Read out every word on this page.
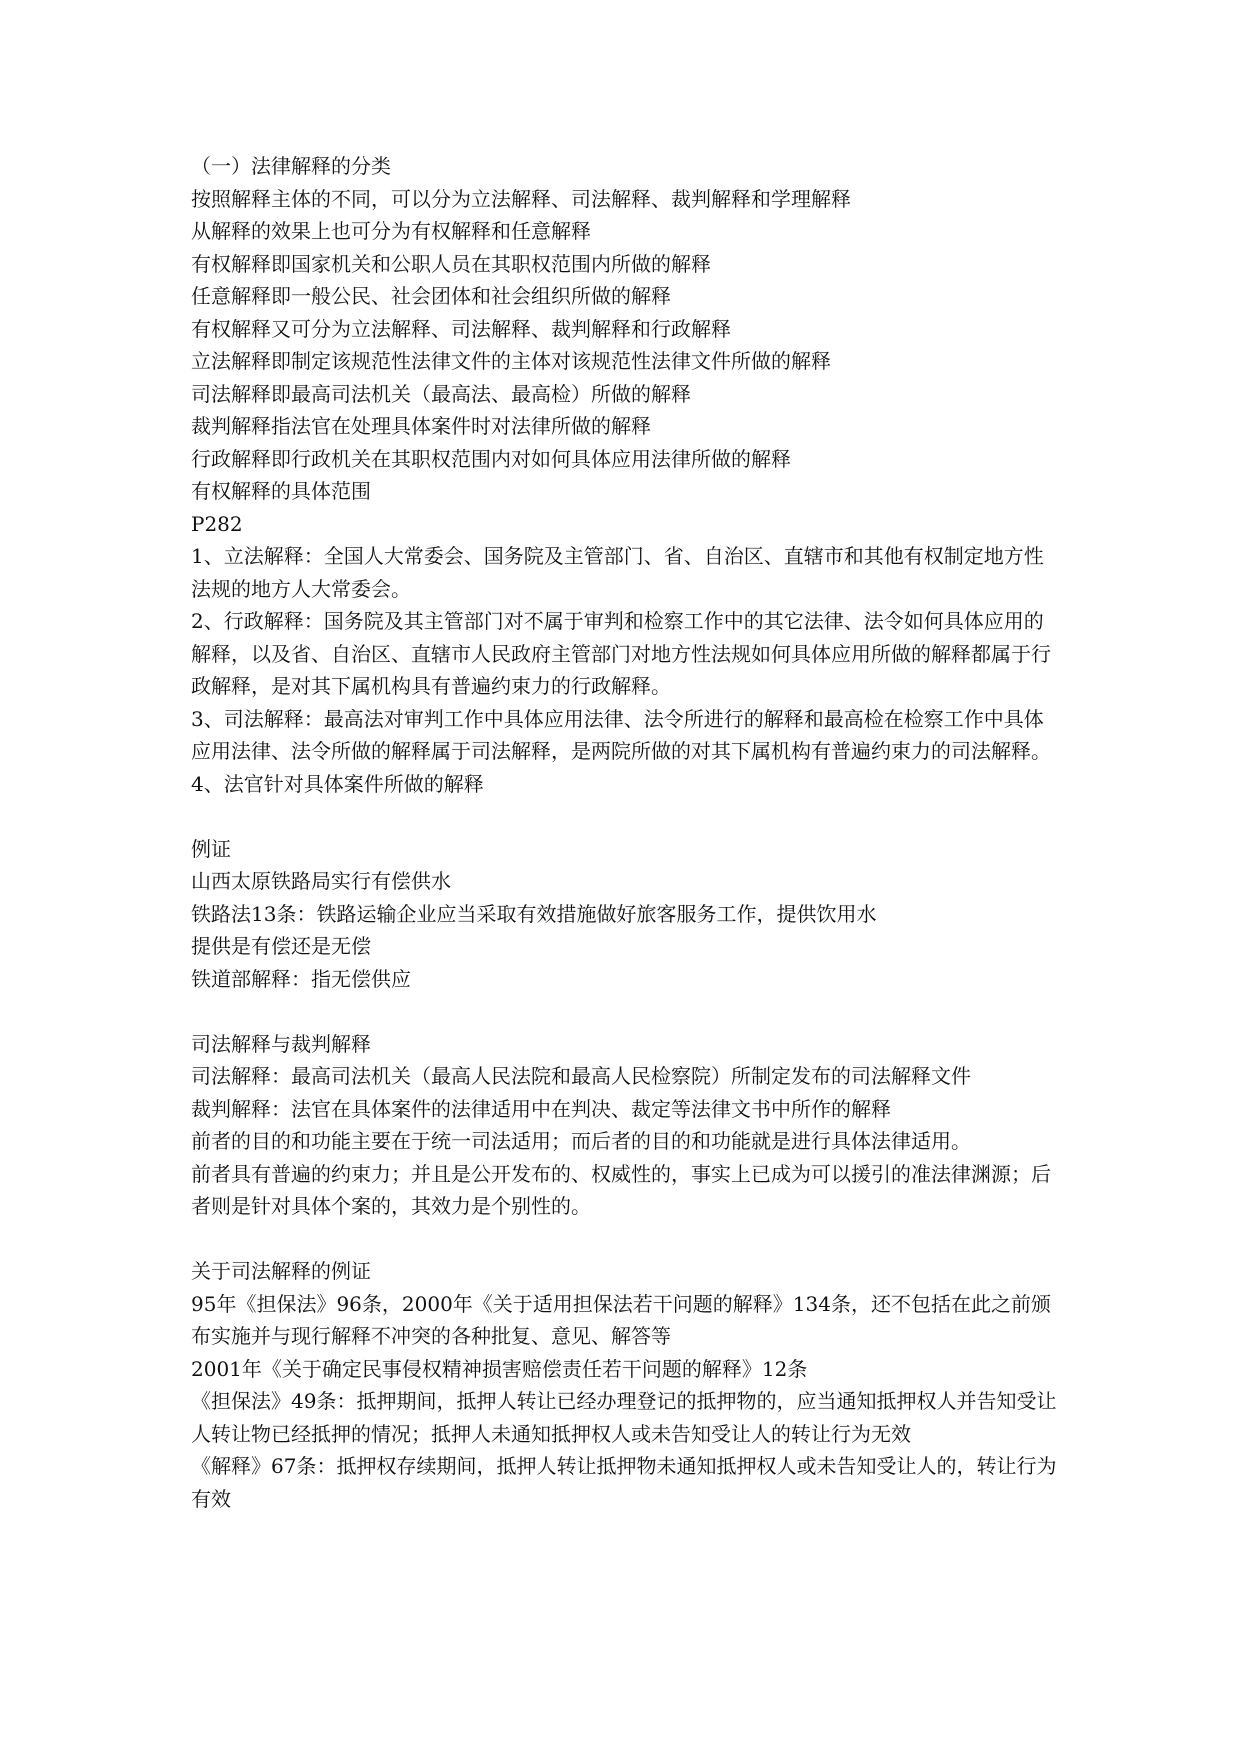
（一）法律解释的分类
按照解释主体的不同，可以分为立法解释、司法解释、裁判解释和学理解释
从解释的效果上也可分为有权解释和任意解释
有权解释即国家机关和公职人员在其职权范围内所做的解释
任意解释即一般公民、社会团体和社会组织所做的解释
有权解释又可分为立法解释、司法解释、裁判解释和行政解释
立法解释即制定该规范性法律文件的主体对该规范性法律文件所做的解释
司法解释即最高司法机关（最高法、最高检）所做的解释
裁判解释指法官在处理具体案件时对法律所做的解释
行政解释即行政机关在其职权范围内对如何具体应用法律所做的解释
有权解释的具体范围
P282
1、立法解释：全国人大常委会、国务院及主管部门、省、自治区、直辖市和其他有权制定地方性法规的地方人大常委会。
2、行政解释：国务院及其主管部门对不属于审判和检察工作中的其它法律、法令如何具体应用的解释，以及省、自治区、直辖市人民政府主管部门对地方性法规如何具体应用所做的解释都属于行政解释，是对其下属机构具有普遍约束力的行政解释。
3、司法解释：最高法对审判工作中具体应用法律、法令所进行的解释和最高检在检察工作中具体应用法律、法令所做的解释属于司法解释，是两院所做的对其下属机构有普遍约束力的司法解释。
4、法官针对具体案件所做的解释
例证
山西太原铁路局实行有偿供水
铁路法13条：铁路运输企业应当采取有效措施做好旅客服务工作，提供饮用水
提供是有偿还是无偿
铁道部解释：指无偿供应
司法解释与裁判解释
司法解释：最高司法机关（最高人民法院和最高人民检察院）所制定发布的司法解释文件
裁判解释：法官在具体案件的法律适用中在判决、裁定等法律文书中所作的解释
前者的目的和功能主要在于统一司法适用；而后者的目的和功能就是进行具体法律适用。
前者具有普遍的约束力；并且是公开发布的、权威性的，事实上已成为可以援引的准法律渊源；后者则是针对具体个案的，其效力是个别性的。
关于司法解释的例证
95年《担保法》96条，2000年《关于适用担保法若干问题的解释》134条，还不包括在此之前颁布实施并与现行解释不冲突的各种批复、意见、解答等
2001年《关于确定民事侵权精神损害赔偿责任若干问题的解释》12条
《担保法》49条：抵押期间，抵押人转让已经办理登记的抵押物的，应当通知抵押权人并告知受让人转让物已经抵押的情况；抵押人未通知抵押权人或未告知受让人的转让行为无效
《解释》67条：抵押权存续期间，抵押人转让抵押物未通知抵押权人或未告知受让人的，转让行为有效
